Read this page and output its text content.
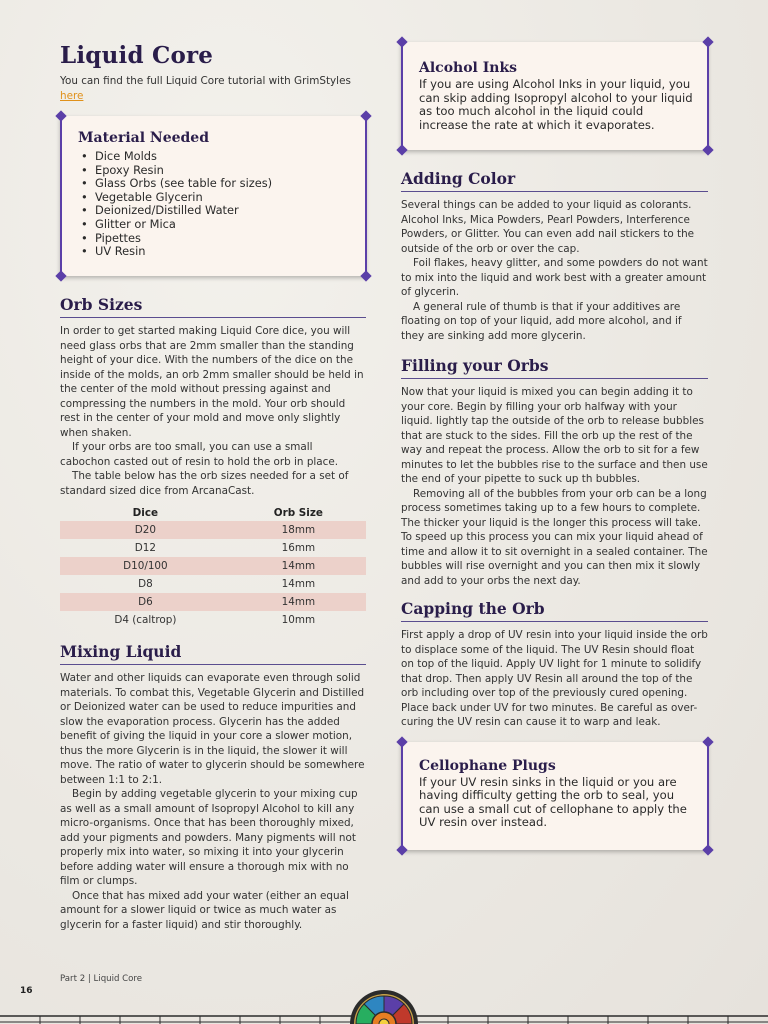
Liquid Core
You can find the full Liquid Core tutorial with GrimStyles
here
Material Needed
• Dice Molds
• Epoxy Resin
• Glass Orbs (see table for sizes)
• Vegetable Glycerin
• Deionized/Distilled Water
• Glitter or Mica
• Pipettes
• UV Resin
Orb Sizes
In order to get started making Liquid Core dice, you will need glass orbs that are 2mm smaller than the standing height of your dice. With the numbers of the dice on the inside of the molds, an orb 2mm smaller should be held in the center of the mold without pressing against and compressing the numbers in the mold. Your orb should rest in the center of your mold and move only slightly when shaken.
If your orbs are too small, you can use a small cabochon casted out of resin to hold the orb in place.
The table below has the orb sizes needed for a set of standard sized dice from ArcanaCast.
Dice	Orb Size
D20	18mm
D12	16mm
D10/100	14mm
D8	14mm
D6	14mm
D4 (caltrop)	10mm
Mixing Liquid
Water and other liquids can evaporate even through solid materials. To combat this, Vegetable Glycerin and Distilled or Deionized water can be used to reduce impurities and slow the evaporation process. Glycerin has the added benefit of giving the liquid in your core a slower motion, thus the more Glycerin is in the liquid, the slower it will move. The ratio of water to glycerin should be somewhere between 1:1 to 2:1.
Begin by adding vegetable glycerin to your mixing cup as well as a small amount of Isopropyl Alcohol to kill any micro-organisms. Once that has been thoroughly mixed, add your pigments and powders. Many pigments will not properly mix into water, so mixing it into your glycerin before adding water will ensure a thorough mix with no film or clumps.
Once that has mixed add your water (either an equal amount for a slower liquid or twice as much water as glycerin for a faster liquid) and stir thoroughly.
Alcohol Inks
If you are using Alcohol Inks in your liquid, you can skip adding Isopropyl alcohol to your liquid as too much alcohol in the liquid could increase the rate at which it evaporates.
Adding Color
Several things can be added to your liquid as colorants. Alcohol Inks, Mica Powders, Pearl Powders, Interference Powders, or Glitter. You can even add nail stickers to the outside of the orb or over the cap.
Foil flakes, heavy glitter, and some powders do not want to mix into the liquid and work best with a greater amount of glycerin.
A general rule of thumb is that if your additives are floating on top of your liquid, add more alcohol, and if they are sinking add more glycerin.
Filling your Orbs
Now that your liquid is mixed you can begin adding it to your core. Begin by filling your orb halfway with your liquid. lightly tap the outside of the orb to release bubbles that are stuck to the sides. Fill the orb up the rest of the way and repeat the process. Allow the orb to sit for a few minutes to let the bubbles rise to the surface and then use the end of your pipette to suck up th bubbles.
Removing all of the bubbles from your orb can be a long process sometimes taking up to a few hours to complete. The thicker your liquid is the longer this process will take. To speed up this process you can mix your liquid ahead of time and allow it to sit overnight in a sealed container. The bubbles will rise overnight and you can then mix it slowly and add to your orbs the next day.
Capping the Orb
First apply a drop of UV resin into your liquid inside the orb to displace some of the liquid. The UV Resin should float on top of the liquid. Apply UV light for 1 minute to solidify that drop. Then apply UV Resin all around the top of the orb including over top of the previously cured opening. Place back under UV for two minutes. Be careful as over-curing the UV resin can cause it to warp and leak.
Cellophane Plugs
If your UV resin sinks in the liquid or you are having difficulty getting the orb to seal, you can use a small cut of cellophane to apply the UV resin over instead.
Part 2 | Liquid Core
16
